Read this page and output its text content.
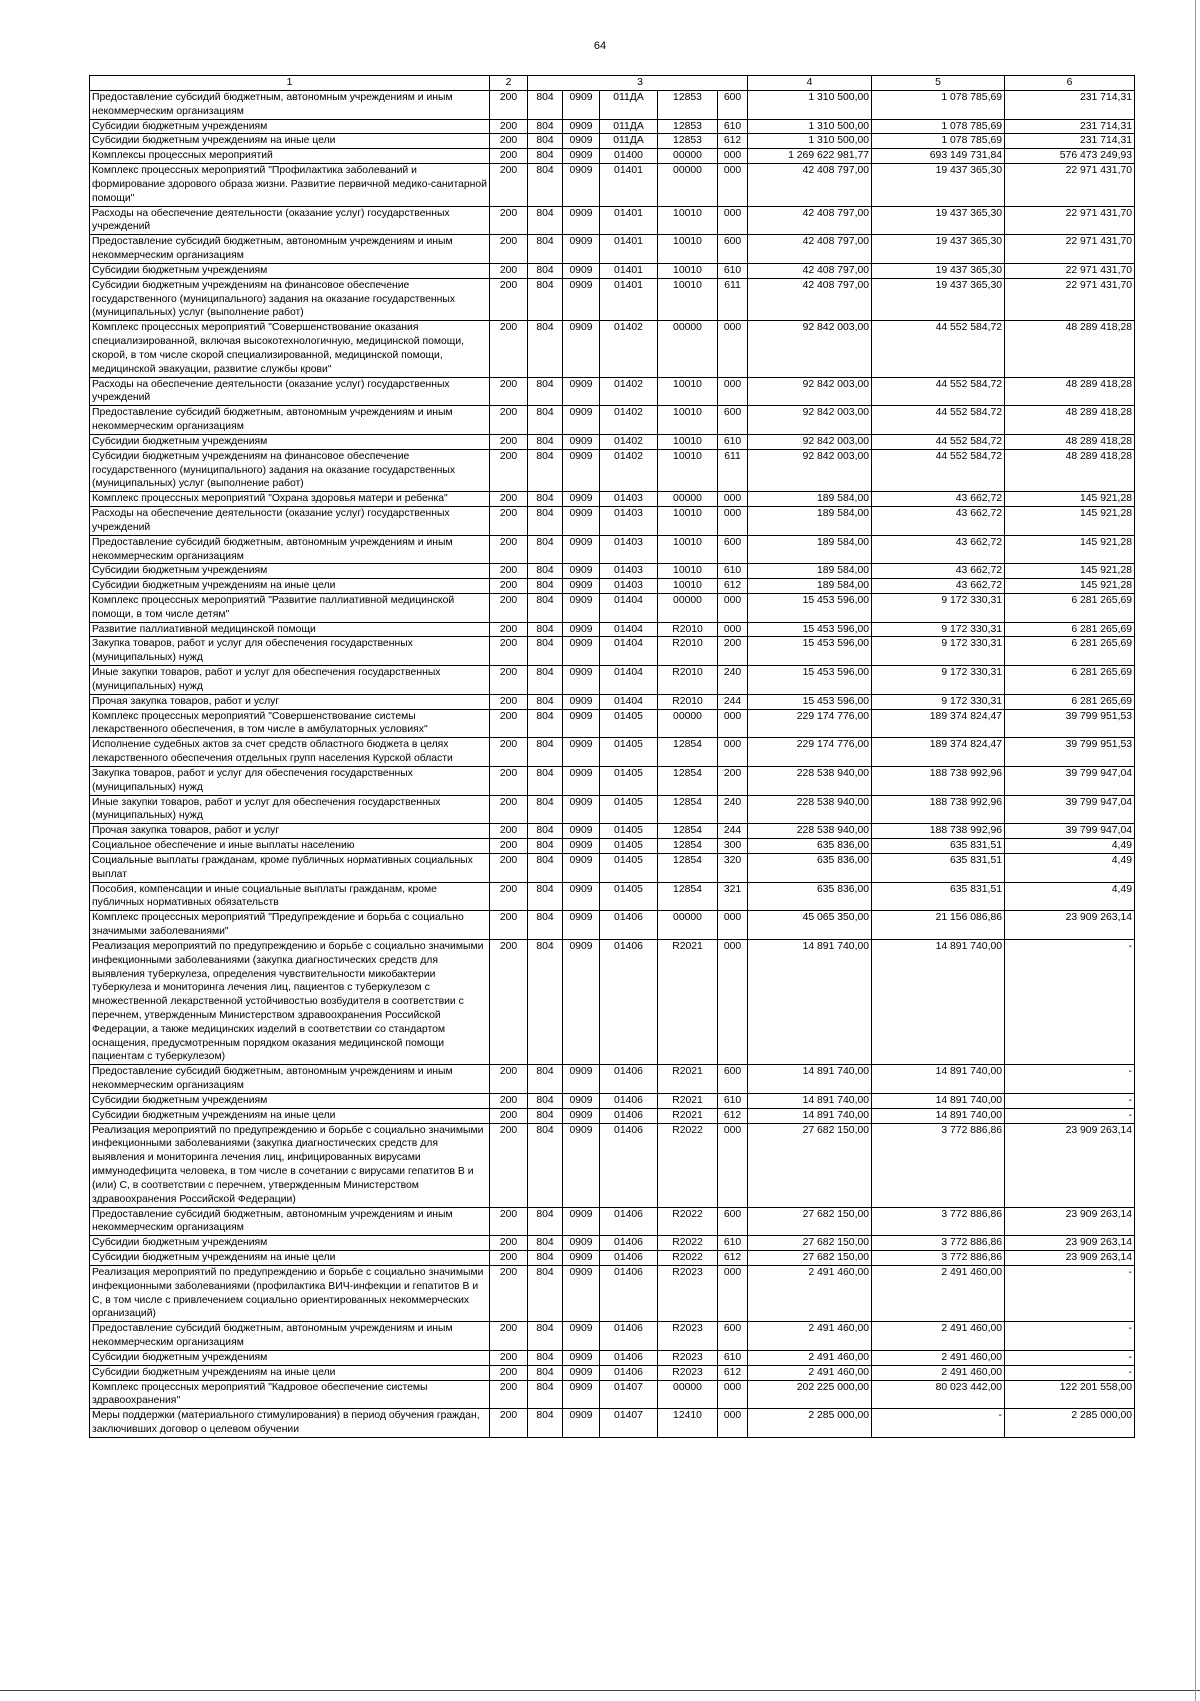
64
1	2		3				4	5	6
Предоставление субсидий бюджетным, автономным учреждениям и иным некоммерческим организациям	200	804	0909	011ДА	12853	600	1 310 500,00	1 078 785,69	231 714,31
Субсидии бюджетным учреждениям	200	804	0909	011ДА	12853	610	1 310 500,00	1 078 785,69	231 714,31
Субсидии бюджетным учреждениям на иные цели	200	804	0909	011ДА	12853	612	1 310 500,00	1 078 785,69	231 714,31
Комплексы процессных мероприятий	200	804	0909	01400	00000	000	1 269 622 981,77	693 149 731,84	576 473 249,93
Комплекс процессных мероприятий "Профилактика заболеваний и формирование здорового образа жизни. Развитие первичной медико-санитарной помощи"	200	804	0909	01401	00000	000	42 408 797,00	19 437 365,30	22 971 431,70
Расходы на обеспечение деятельности (оказание услуг) государственных учреждений	200	804	0909	01401	10010	000	42 408 797,00	19 437 365,30	22 971 431,70
Предоставление субсидий бюджетным, автономным учреждениям и иным некоммерческим организациям	200	804	0909	01401	10010	600	42 408 797,00	19 437 365,30	22 971 431,70
Субсидии бюджетным учреждениям	200	804	0909	01401	10010	610	42 408 797,00	19 437 365,30	22 971 431,70
Субсидии бюджетным учреждениям на финансовое обеспечение государственного (муниципального) задания на оказание государственных (муниципальных) услуг (выполнение работ)	200	804	0909	01401	10010	611	42 408 797,00	19 437 365,30	22 971 431,70
Комплекс процессных мероприятий "Совершенствование оказания специализированной, включая высокотехнологичную, медицинской помощи, скорой, в том числе скорой специализированной, медицинской помощи, медицинской эвакуации, развитие службы крови"	200	804	0909	01402	00000	000	92 842 003,00	44 552 584,72	48 289 418,28
Расходы на обеспечение деятельности (оказание услуг) государственных учреждений	200	804	0909	01402	10010	000	92 842 003,00	44 552 584,72	48 289 418,28
Предоставление субсидий бюджетным, автономным учреждениям и иным некоммерческим организациям	200	804	0909	01402	10010	600	92 842 003,00	44 552 584,72	48 289 418,28
Субсидии бюджетным учреждениям	200	804	0909	01402	10010	610	92 842 003,00	44 552 584,72	48 289 418,28
Субсидии бюджетным учреждениям на финансовое обеспечение государственного (муниципального) задания на оказание государственных (муниципальных) услуг (выполнение работ)	200	804	0909	01402	10010	611	92 842 003,00	44 552 584,72	48 289 418,28
Комплекс процессных мероприятий "Охрана здоровья матери и ребенка"	200	804	0909	01403	00000	000	189 584,00	43 662,72	145 921,28
Расходы на обеспечение деятельности (оказание услуг) государственных учреждений	200	804	0909	01403	10010	000	189 584,00	43 662,72	145 921,28
Предоставление субсидий бюджетным, автономным учреждениям и иным некоммерческим организациям	200	804	0909	01403	10010	600	189 584,00	43 662,72	145 921,28
Субсидии бюджетным учреждениям	200	804	0909	01403	10010	610	189 584,00	43 662,72	145 921,28
Субсидии бюджетным учреждениям на иные цели	200	804	0909	01403	10010	612	189 584,00	43 662,72	145 921,28
Комплекс процессных мероприятий "Развитие паллиативной медицинской помощи, в том числе детям"	200	804	0909	01404	00000	000	15 453 596,00	9 172 330,31	6 281 265,69
Развитие паллиативной медицинской помощи	200	804	0909	01404	R2010	000	15 453 596,00	9 172 330,31	6 281 265,69
Закупка товаров, работ и услуг для обеспечения государственных (муниципальных) нужд	200	804	0909	01404	R2010	200	15 453 596,00	9 172 330,31	6 281 265,69
Иные закупки товаров, работ и услуг для обеспечения государственных (муниципальных) нужд	200	804	0909	01404	R2010	240	15 453 596,00	9 172 330,31	6 281 265,69
Прочая закупка товаров, работ и услуг	200	804	0909	01404	R2010	244	15 453 596,00	9 172 330,31	6 281 265,69
Комплекс процессных мероприятий "Совершенствование системы лекарственного обеспечения, в том числе в амбулаторных условиях"	200	804	0909	01405	00000	000	229 174 776,00	189 374 824,47	39 799 951,53
Исполнение судебных актов за счет средств областного бюджета в целях лекарственного обеспечения отдельных групп населения Курской области	200	804	0909	01405	12854	000	229 174 776,00	189 374 824,47	39 799 951,53
Закупка товаров, работ и услуг для обеспечения государственных (муниципальных) нужд	200	804	0909	01405	12854	200	228 538 940,00	188 738 992,96	39 799 947,04
Иные закупки товаров, работ и услуг для обеспечения государственных (муниципальных) нужд	200	804	0909	01405	12854	240	228 538 940,00	188 738 992,96	39 799 947,04
Прочая закупка товаров, работ и услуг	200	804	0909	01405	12854	244	228 538 940,00	188 738 992,96	39 799 947,04
Социальное обеспечение и иные выплаты населению	200	804	0909	01405	12854	300	635 836,00	635 831,51	4,49
Социальные выплаты гражданам, кроме публичных нормативных социальных выплат	200	804	0909	01405	12854	320	635 836,00	635 831,51	4,49
Пособия, компенсации и иные социальные выплаты гражданам, кроме публичных нормативных обязательств	200	804	0909	01405	12854	321	635 836,00	635 831,51	4,49
Комплекс процессных мероприятий "Предупреждение и борьба с социально значимыми заболеваниями"	200	804	0909	01406	00000	000	45 065 350,00	21 156 086,86	23 909 263,14
Реализация мероприятий по предупреждению и борьбе с социально значимыми инфекционными заболеваниями (закупка диагностических средств для выявления туберкулеза, определения чувствительности микобактерии туберкулеза и мониторинга лечения лиц, пациентов с туберкулезом с множественной лекарственной устойчивостью возбудителя в соответствии с перечнем, утвержденным Министерством здравоохранения Российской Федерации, а также медицинских изделий в соответствии со стандартом оснащения, предусмотренным порядком оказания медицинской помощи пациентам с туберкулезом)	200	804	0909	01406	R2021	000	14 891 740,00	14 891 740,00	-
Предоставление субсидий бюджетным, автономным учреждениям и иным некоммерческим организациям	200	804	0909	01406	R2021	600	14 891 740,00	14 891 740,00	-
Субсидии бюджетным учреждениям	200	804	0909	01406	R2021	610	14 891 740,00	14 891 740,00	-
Субсидии бюджетным учреждениям на иные цели	200	804	0909	01406	R2021	612	14 891 740,00	14 891 740,00	-
Реализация мероприятий по предупреждению и борьбе с социально значимыми инфекционными заболеваниями (закупка диагностических средств для выявления и мониторинга лечения лиц, инфицированных вирусами иммунодефицита человека, в том числе в сочетании с вирусами гепатитов В и (или) С, в соответствии с перечнем, утвержденным Министерством здравоохранения Российской Федерации)	200	804	0909	01406	R2022	000	27 682 150,00	3 772 886,86	23 909 263,14
Предоставление субсидий бюджетным, автономным учреждениям и иным некоммерческим организациям	200	804	0909	01406	R2022	600	27 682 150,00	3 772 886,86	23 909 263,14
Субсидии бюджетным учреждениям	200	804	0909	01406	R2022	610	27 682 150,00	3 772 886,86	23 909 263,14
Субсидии бюджетным учреждениям на иные цели	200	804	0909	01406	R2022	612	27 682 150,00	3 772 886,86	23 909 263,14
Реализация мероприятий по предупреждению и борьбе с социально значимыми инфекционными заболеваниями (профилактика ВИЧ-инфекции и гепатитов В и С, в том числе с привлечением социально ориентированных некоммерческих организаций)	200	804	0909	01406	R2023	000	2 491 460,00	2 491 460,00	-
Предоставление субсидий бюджетным, автономным учреждениям и иным некоммерческим организациям	200	804	0909	01406	R2023	600	2 491 460,00	2 491 460,00	-
Субсидии бюджетным учреждениям	200	804	0909	01406	R2023	610	2 491 460,00	2 491 460,00	-
Субсидии бюджетным учреждениям на иные цели	200	804	0909	01406	R2023	612	2 491 460,00	2 491 460,00	-
Комплекс процессных мероприятий "Кадровое обеспечение системы здравоохранения"	200	804	0909	01407	00000	000	202 225 000,00	80 023 442,00	122 201 558,00
Меры поддержки (материального стимулирования) в период обучения граждан, заключивших договор о целевом обучении	200	804	0909	01407	12410	000	2 285 000,00	-	2 285 000,00
